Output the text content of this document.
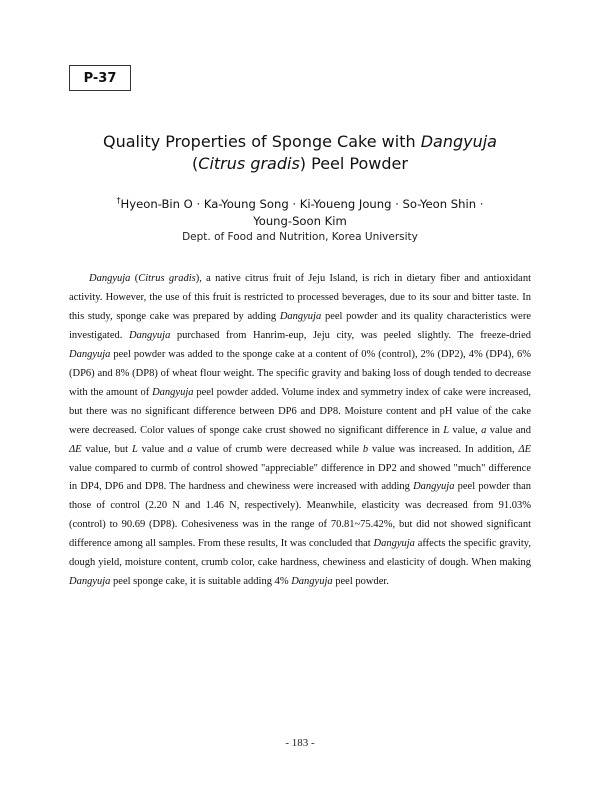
P-37
Quality Properties of Sponge Cake with Dangyuja
(Citrus gradis) Peel Powder
†Hyeon-Bin O · Ka-Young Song · Ki-Youeng Joung · So-Yeon Shin ·
Young-Soon Kim
Dept. of Food and Nutrition, Korea University

Dangyuja (Citrus gradis), a native citrus fruit of Jeju Island, is rich in dietary fiber and antioxidant activity. However, the use of this fruit is restricted to processed beverages, due to its sour and bitter taste. In this study, sponge cake was prepared by adding Dangyuja peel powder and its quality characteristics were investigated. Dangyuja purchased from Hanrim-eup, Jeju city, was peeled slightly. The freeze-dried Dangyuja peel powder was added to the sponge cake at a content of 0% (control), 2% (DP2), 4% (DP4), 6% (DP6) and 8% (DP8) of wheat flour weight. The specific gravity and baking loss of dough tended to decrease with the amount of Dangyuja peel powder added. Volume index and symmetry index of cake were increased, but there was no significant difference between DP6 and DP8. Moisture content and pH value of the cake were decreased. Color values of sponge cake crust showed no significant difference in L value, a value and ΔE value, but L value and a value of crumb were decreased while b value was increased. In addition, ΔE value compared to curmb of control showed "appreciable" difference in DP2 and showed "much" difference in DP4, DP6 and DP8. The hardness and chewiness were increased with adding Dangyuja peel powder than those of control (2.20 N and 1.46 N, respectively). Meanwhile, elasticity was decreased from 91.03% (control) to 90.69 (DP8). Cohesiveness was in the range of 70.81~75.42%, but did not showed significant difference among all samples. From these results, It was concluded that Dangyuja affects the specific gravity, dough yield, moisture content, crumb color, cake hardness, chewiness and elasticity of dough. When making Dangyuja peel sponge cake, it is suitable adding 4% Dangyuja peel powder.

- 183 -
